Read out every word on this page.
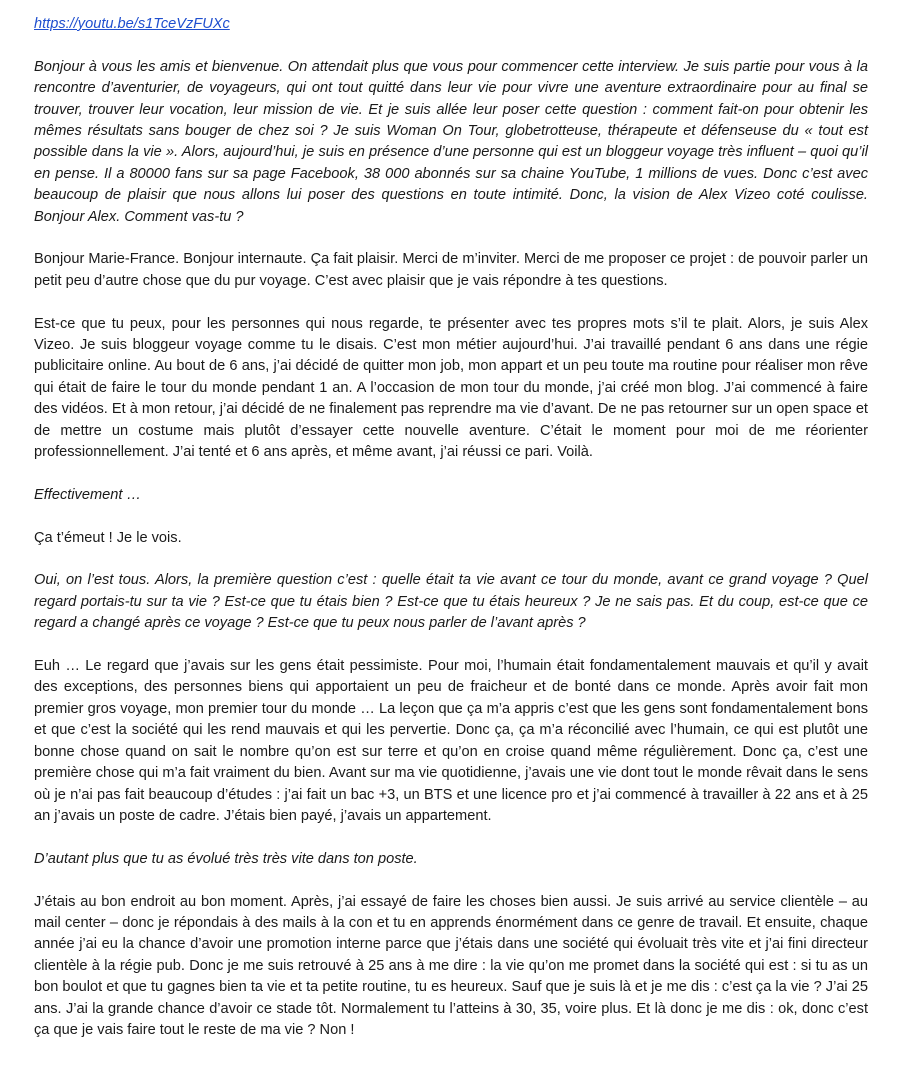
https://youtu.be/s1TceVzFUXc

Bonjour à vous les amis et bienvenue. On attendait plus que vous pour commencer cette interview. Je suis partie pour vous à la rencontre d’aventurier, de voyageurs, qui ont tout quitté dans leur vie pour vivre une aventure extraordinaire pour au final se trouver, trouver leur vocation, leur mission de vie. Et je suis allée leur poser cette question : comment fait-on pour obtenir les mêmes résultats sans bouger de chez soi ? Je suis Woman On Tour, globetrotteuse, thérapeute et défenseuse du « tout est possible dans la vie ». Alors, aujourd’hui, je suis en présence d’une personne qui est un bloggeur voyage très influent – quoi qu’il en pense. Il a 80000 fans sur sa page Facebook, 38 000 abonnés sur sa chaine YouTube, 1 millions de vues. Donc c’est avec beaucoup de plaisir que nous allons lui poser des questions en toute intimité. Donc, la vision de Alex Vizeo coté coulisse. Bonjour Alex. Comment vas-tu ?

Bonjour Marie-France. Bonjour internaute. Ça fait plaisir. Merci de m’inviter. Merci de me proposer ce projet : de pouvoir parler un petit peu d’autre chose que du pur voyage. C’est avec plaisir que je vais répondre à tes questions.

Est-ce que tu peux, pour les personnes qui nous regarde, te présenter avec tes propres mots s’il te plait. Alors, je suis Alex Vizeo. Je suis bloggeur voyage comme tu le disais. C’est mon métier aujourd’hui. J’ai travaillé pendant 6 ans dans une régie publicitaire online. Au bout de 6 ans, j’ai décidé de quitter mon job, mon appart et un peu toute ma routine pour réaliser mon rêve qui était de faire le tour du monde pendant 1 an. A l’occasion de mon tour du monde, j’ai créé mon blog. J’ai commencé à faire des vidéos. Et à mon retour, j’ai décidé de ne finalement pas reprendre ma vie d’avant. De ne pas retourner sur un open space et de mettre un costume mais plutôt d’essayer cette nouvelle aventure. C’était le moment pour moi de me réorienter professionnellement. J’ai tenté et 6 ans après, et même avant, j’ai réussi ce pari. Voilà.

Effectivement …

Ça t’émeut ! Je le vois.

Oui, on l’est tous. Alors, la première question c’est : quelle était ta vie avant ce tour du monde, avant ce grand voyage ? Quel regard portais-tu sur ta vie ? Est-ce que tu étais bien ? Est-ce que tu étais heureux ? Je ne sais pas. Et du coup, est-ce que ce regard a changé après ce voyage ? Est-ce que tu peux nous parler de l’avant après ?

Euh … Le regard que j’avais sur les gens était pessimiste. Pour moi, l’humain était fondamentalement mauvais et qu’il y avait des exceptions, des personnes biens qui apportaient un peu de fraicheur et de bonté dans ce monde. Après avoir fait mon premier gros voyage, mon premier tour du monde … La leçon que ça m’a appris c’est que les gens sont fondamentalement bons et que c’est la société qui les rend mauvais et qui les pervertie. Donc ça, ça m’a réconcilié avec l’humain, ce qui est plutôt une bonne chose quand on sait le nombre qu’on est sur terre et qu’on en croise quand même régulièrement. Donc ça, c’est une première chose qui m’a fait vraiment du bien. Avant sur ma vie quotidienne, j’avais une vie dont tout le monde rêvait dans le sens où je n’ai pas fait beaucoup d’études : j’ai fait un bac +3, un BTS et une licence pro et j’ai commencé à travailler à 22 ans et à 25 an j’avais un poste de cadre. J’étais bien payé, j’avais un appartement.

D’autant plus que tu as évolué très très vite dans ton poste.

J’étais au bon endroit au bon moment. Après, j’ai essayé de faire les choses bien aussi. Je suis arrivé au service clientèle – au mail center – donc je répondais à des mails à la con et tu en apprends énormément dans ce genre de travail. Et ensuite, chaque année j’ai eu la chance d’avoir une promotion interne parce que j’étais dans une société qui évoluait très vite et j’ai fini directeur clientèle à la régie pub. Donc je me suis retrouvé à 25 ans à me dire : la vie qu’on me promet dans la société qui est : si tu as un bon boulot et que tu gagnes bien ta vie et ta petite routine, tu es heureux. Sauf que je suis là et je me dis : c’est ça la vie ? J’ai 25 ans. J’ai la grande chance d’avoir ce stade tôt. Normalement tu l’atteins à 30, 35, voire plus. Et là donc je me dis : ok, donc c’est ça que je vais faire tout le reste de ma vie ? Non !
